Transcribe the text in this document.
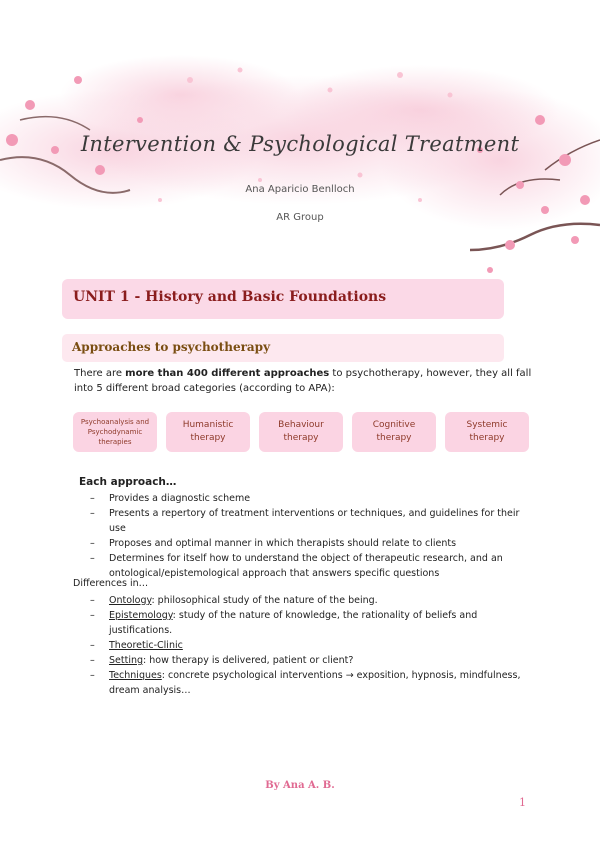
Intervention & Psychological Treatment
Ana Aparicio Benlloch
AR Group
UNIT 1 - History and Basic Foundations
Approaches to psychotherapy

There are more than 400 different approaches to psychotherapy, however, they all fall into 5 different broad categories (according to APA):

Psychoanalysis and
Psychodynamic
therapies
Humanistic
therapy
Behaviour
therapy
Cognitive
therapy
Systemic
therapy
Each approach…
– Provides a diagnostic scheme
– Presents a repertory of treatment interventions or techniques, and guidelines for their use
– Proposes and optimal manner in which therapists should relate to clients
– Determines for itself how to understand the object of therapeutic research, and an ontological/epistemological approach that answers specific questions
Differences in…
– Ontology: philosophical study of the nature of the being.
– Epistemology: study of the nature of knowledge, the rationality of beliefs and justifications.
– Theoretic-Clinic
– Setting: how therapy is delivered, patient or client?
– Techniques: concrete psychological interventions → exposition, hypnosis, mindfulness, dream analysis…
By Ana A. B.
1
